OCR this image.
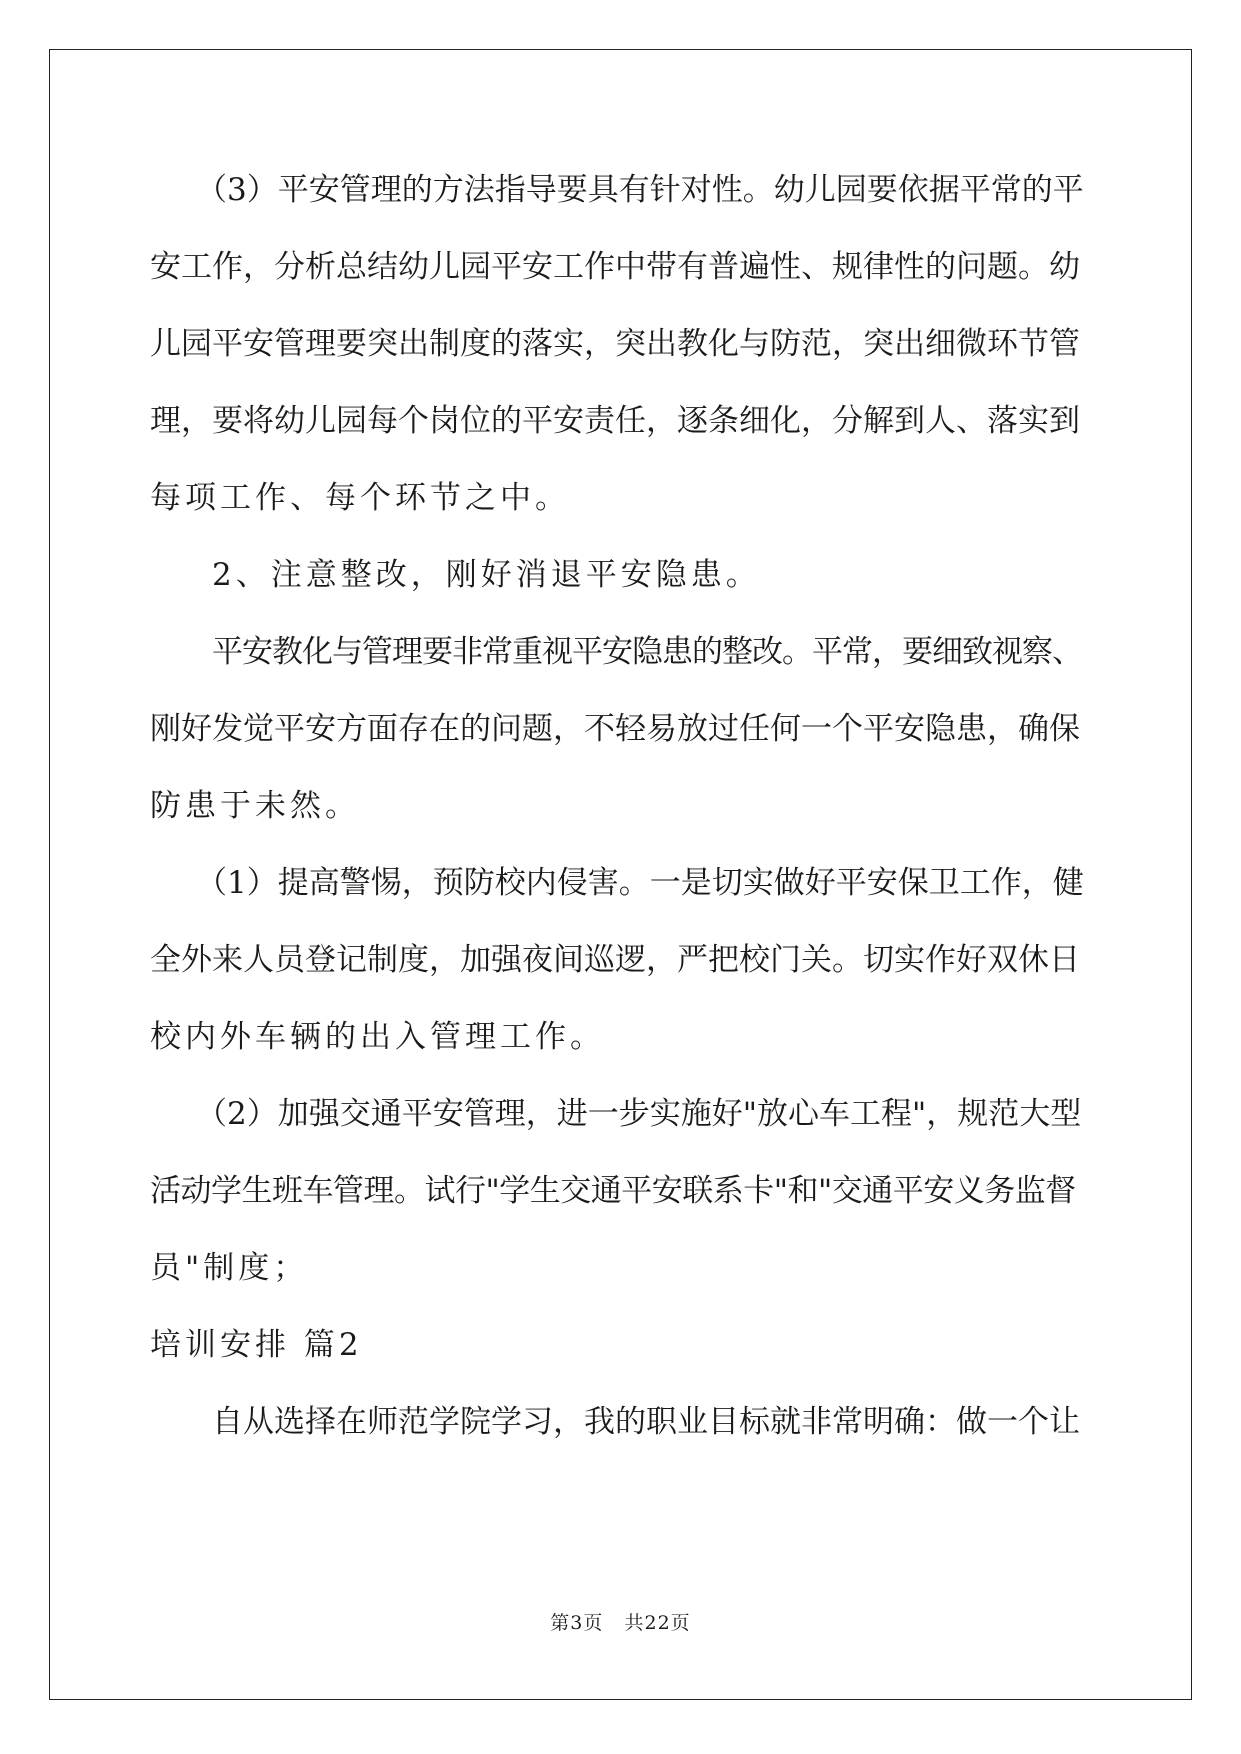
（3）平安管理的方法指导要具有针对性。幼儿园要依据平常的平
安工作，分析总结幼儿园平安工作中带有普遍性、规律性的问题。幼
儿园平安管理要突出制度的落实，突出教化与防范，突出细微环节管
理，要将幼儿园每个岗位的平安责任，逐条细化，分解到人、落实到
每项工作、每个环节之中。
2、注意整改，刚好消退平安隐患。
平安教化与管理要非常重视平安隐患的整改。平常，要细致视察、
刚好发觉平安方面存在的问题，不轻易放过任何一个平安隐患，确保
防患于未然。
（1）提高警惕，预防校内侵害。一是切实做好平安保卫工作，健
全外来人员登记制度，加强夜间巡逻，严把校门关。切实作好双休日
校内外车辆的出入管理工作。
（2）加强交通平安管理，进一步实施好"放心车工程"，规范大型
活动学生班车管理。试行"学生交通平安联系卡"和"交通平安义务监督
员"制度；
培训安排 篇2
自从选择在师范学院学习，我的职业目标就非常明确：做一个让
第3页   共22页
